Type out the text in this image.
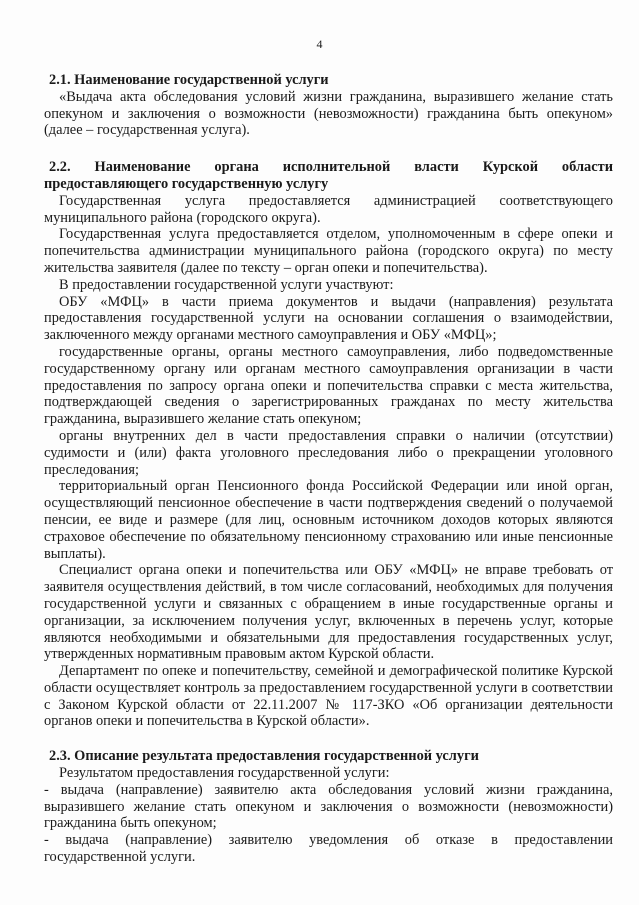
4

2.1. Наименование государственной услуги

«Выдача акта обследования условий жизни гражданина, выразившего желание стать опекуном и заключения о возможности (невозможности) гражданина быть опекуном» (далее – государственная услуга).

2.2. Наименование органа исполнительной власти Курской области предоставляющего государственную услугу

Государственная услуга предоставляется администрацией соответствующего муниципального района (городского округа).

Государственная услуга предоставляется отделом, уполномоченным в сфере опеки и попечительства администрации муниципального района (городского округа) по месту жительства заявителя (далее по тексту – орган опеки и попечительства).

В предоставлении государственной услуги участвуют:

ОБУ «МФЦ» в части приема документов и выдачи (направления) результата предоставления государственной услуги на основании соглашения о взаимодействии, заключенного между органами местного самоуправления и ОБУ «МФЦ»;

государственные органы, органы местного самоуправления, либо подведомственные государственному органу или органам местного самоуправления организации в части предоставления по запросу органа опеки и попечительства справки с места жительства, подтверждающей сведения о зарегистрированных гражданах по месту жительства гражданина, выразившего желание стать опекуном;

органы внутренних дел в части предоставления справки о наличии (отсутствии) судимости и (или) факта уголовного преследования либо о прекращении уголовного преследования;

территориальный орган Пенсионного фонда Российской Федерации или иной орган, осуществляющий пенсионное обеспечение в части подтверждения сведений о получаемой пенсии, ее виде и размере (для лиц, основным источником доходов которых являются страховое обеспечение по обязательному пенсионному страхованию или иные пенсионные выплаты).

Специалист органа опеки и попечительства или ОБУ «МФЦ» не вправе требовать от заявителя осуществления действий, в том числе согласований, необходимых для получения государственной услуги и связанных с обращением в иные государственные органы и организации, за исключением получения услуг, включенных в перечень услуг, которые являются необходимыми и обязательными для предоставления государственных услуг, утвержденных нормативным правовым актом Курской области.

Департамент по опеке и попечительству, семейной и демографической политике Курской области осуществляет контроль за предоставлением государственной услуги в соответствии с Законом Курской области от 22.11.2007 № 117-ЗКО «Об организации деятельности органов опеки и попечительства в Курской области».

2.3. Описание результата предоставления государственной услуги

Результатом предоставления государственной услуги:

- выдача (направление) заявителю акта обследования условий жизни гражданина, выразившего желание стать опекуном и заключения о возможности (невозможности) гражданина быть опекуном;

- выдача (направление) заявителю уведомления об отказе в предоставлении государственной услуги.
